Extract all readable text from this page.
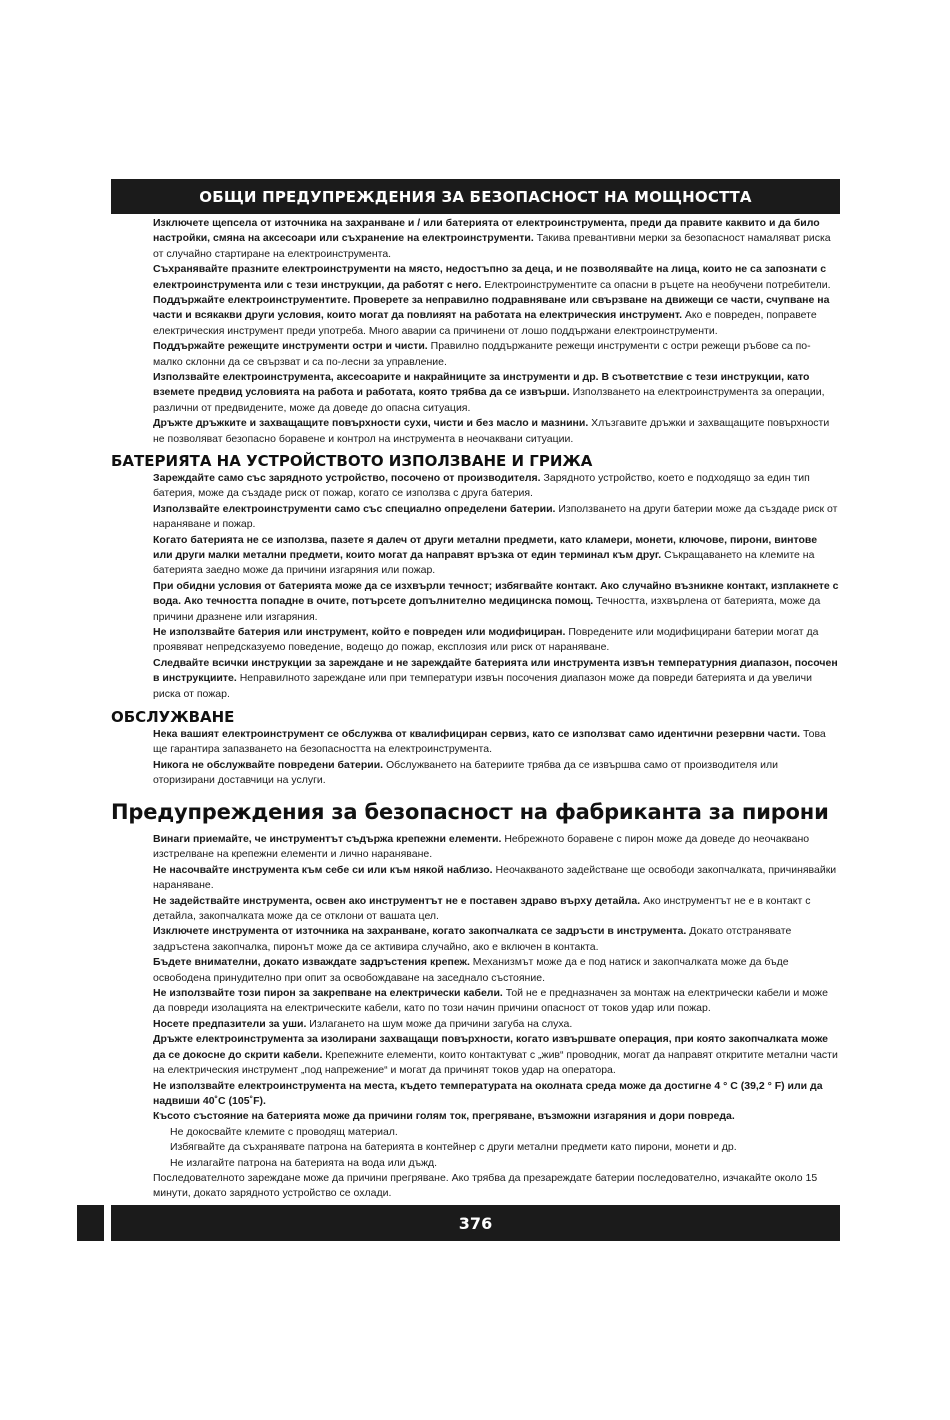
ОБЩИ ПРЕДУПРЕЖДЕНИЯ ЗА БЕЗОПАСНОСТ НА МОЩНОСТТА

Изключете щепсела от източника на захранване и / или батерията от електроинструмента, преди да правите каквито и да било настройки, смяна на аксесоари или съхранение на електроинструменти. Такива превантивни мерки за безопасност намаляват риска от случайно стартиране на електроинструмента.

Съхранявайте празните електроинструменти на място, недостъпно за деца, и не позволявайте на лица, които не са запознати с електроинструмента или с тези инструкции, да работят с него. Електроинструментите са опасни в ръцете на необучени потребители.

Поддържайте електроинструментите. Проверете за неправилно подравняване или свързване на движещи се части, счупване на части и всякакви други условия, които могат да повлияят на работата на електрическия инструмент. Ако е повреден, поправете електрическия инструмент преди употреба. Много аварии са причинени от лошо поддържани електроинструменти.

Поддържайте режещите инструменти остри и чисти. Правилно поддържаните режещи инструменти с остри режещи ръбове са по-малко склонни да се свързват и са по-лесни за управление.

Използвайте електроинструмента, аксесоарите и накрайниците за инструменти и др. В съответствие с тези инструкции, като вземете предвид условията на работа и работата, която трябва да се извърши. Използването на електроинструмента за операции, различни от предвидените, може да доведе до опасна ситуация.

Дръжте дръжките и захващащите повърхности сухи, чисти и без масло и мазнини. Хлъзгавите дръжки и захващащите повърхности не позволяват безопасно боравене и контрол на инструмента в неочаквани ситуации.

БАТЕРИЯТА НА УСТРОЙСТВОТО ИЗПОЛЗВАНЕ И ГРИЖА

Зареждайте само със зарядното устройство, посочено от производителя. Зарядното устройство, което е подходящо за един тип батерия, може да създаде риск от пожар, когато се използва с друга батерия.

Използвайте електроинструменти само със специално определени батерии. Използването на други батерии може да създаде риск от нараняване и пожар.

Когато батерията не се използва, пазете я далеч от други метални предмети, като кламери, монети, ключове, пирони, винтове или други малки метални предмети, които могат да направят връзка от един терминал към друг. Съкращаването на клемите на батерията заедно може да причини изгаряния или пожар.

При обидни условия от батерията може да се изхвърли течност; избягвайте контакт. Ако случайно възникне контакт, изплакнете с вода. Ако течността попадне в очите, потърсете допълнително медицинска помощ. Течността, изхвърлена от батерията, може да причини дразнене или изгаряния.

Не използвайте батерия или инструмент, който е повреден или модифициран. Повредените или модифицирани батерии могат да проявяват непредсказуемо поведение, водещо до пожар, експлозия или риск от нараняване.

Следвайте всички инструкции за зареждане и не зареждайте батерията или инструмента извън температурния диапазон, посочен в инструкциите. Неправилното зареждане или при температури извън посочения диапазон може да повреди батерията и да увеличи риска от пожар.

ОБСЛУЖВАНЕ

Нека вашият електроинструмент се обслужва от квалифициран сервиз, като се използват само идентични резервни части. Това ще гарантира запазването на безопасността на електроинструмента.

Никога не обслужвайте повредени батерии. Обслужването на батериите трябва да се извършва само от производителя или оторизирани доставчици на услуги.

Предупреждения за безопасност на фабриканта за пирони

Винаги приемайте, че инструментът съдържа крепежни елементи. Небрежното боравене с пирон може да доведе до неочаквано изстрелване на крепежни елементи и лично нараняване.

Не насочвайте инструмента към себе си или към някой наблизо. Неочакваното задействане ще освободи закопчалката, причинявайки нараняване.

Не задействайте инструмента, освен ако инструментът не е поставен здраво върху детайла. Ако инструментът не е в контакт с детайла, закопчалката може да се отклони от вашата цел.

Изключете инструмента от източника на захранване, когато закопчалката се задръсти в инструмента. Докато отстранявате задръстена закопчалка, пиронът може да се активира случайно, ако е включен в контакта.

Бъдете внимателни, докато изваждате задръстения крепеж. Механизмът може да е под натиск и закопчалката може да бъде освободена принудително при опит за освобождаване на заседнало състояние.

Не използвайте този пирон за закрепване на електрически кабели. Той не е предназначен за монтаж на електрически кабели и може да повреди изолацията на електрическите кабели, като по този начин причини опасност от токов удар или пожар.

Носете предпазители за уши. Излагането на шум може да причини загуба на слуха.

Дръжте електроинструмента за изолирани захващащи повърхности, когато извършвате операция, при която закопчалката може да се докосне до скрити кабели. Крепежните елементи, които контактуват с „жив“ проводник, могат да направят откритите метални части на електрическия инструмент „под напрежение“ и могат да причинят токов удар на оператора.

Не използвайте електроинструмента на места, където температурата на околната среда може да достигне 4 ° C (39,2 ° F) или да надвиши 40˚C (105˚F).

Късото състояние на батерията може да причини голям ток, прегряване, възможни изгаряния и дори повреда.

Не докосвайте клемите с проводящ материал.

Избягвайте да съхранявате патрона на батерията в контейнер с други метални предмети като пирони, монети и др.

Не излагайте патрона на батерията на вода или дъжд.

Последователното зареждане може да причини прегряване. Ако трябва да презареждате батерии последователно, изчакайте около 15 минути, докато зарядното устройство се охлади.

376
